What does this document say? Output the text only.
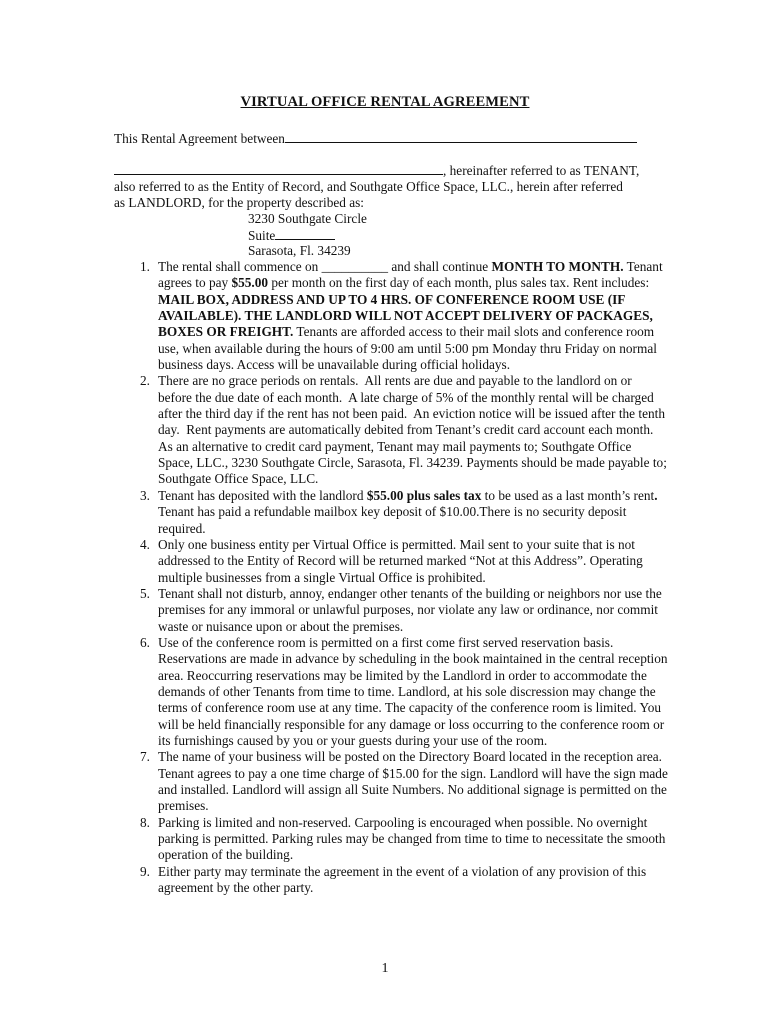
VIRTUAL OFFICE RENTAL AGREEMENT
This Rental Agreement between
, hereinafter referred to as TENANT,
also referred to as the Entity of Record, and Southgate Office Space, LLC., herein after referred
as LANDLORD, for the property described as:
3230 Southgate Circle
Suite
Sarasota, Fl. 34239
1. The rental shall commence on __________ and shall continue MONTH TO MONTH. Tenant agrees to pay $55.00 per month on the first day of each month, plus sales tax. Rent includes: MAIL BOX, ADDRESS AND UP TO 4 HRS. OF CONFERENCE ROOM USE (IF AVAILABLE). THE LANDLORD WILL NOT ACCEPT DELIVERY OF PACKAGES, BOXES OR FREIGHT. Tenants are afforded access to their mail slots and conference room use, when available during the hours of 9:00 am until 5:00 pm Monday thru Friday on normal business days. Access will be unavailable during official holidays.
2. There are no grace periods on rentals.  All rents are due and payable to the landlord on or before the due date of each month.  A late charge of 5% of the monthly rental will be charged after the third day if the rent has not been paid.  An eviction notice will be issued after the tenth day.  Rent payments are automatically debited from Tenant’s credit card account each month. As an alternative to credit card payment, Tenant may mail payments to; Southgate Office Space, LLC., 3230 Southgate Circle, Sarasota, Fl. 34239. Payments should be made payable to; Southgate Office Space, LLC.
3. Tenant has deposited with the landlord $55.00 plus sales tax to be used as a last month’s rent. Tenant has paid a refundable mailbox key deposit of $10.00.There is no security deposit required.
4. Only one business entity per Virtual Office is permitted. Mail sent to your suite that is not addressed to the Entity of Record will be returned marked “Not at this Address”. Operating multiple businesses from a single Virtual Office is prohibited.
5. Tenant shall not disturb, annoy, endanger other tenants of the building or neighbors nor use the premises for any immoral or unlawful purposes, nor violate any law or ordinance, nor commit waste or nuisance upon or about the premises.
6. Use of the conference room is permitted on a first come first served reservation basis. Reservations are made in advance by scheduling in the book maintained in the central reception area. Reoccurring reservations may be limited by the Landlord in order to accommodate the demands of other Tenants from time to time. Landlord, at his sole discression may change the terms of conference room use at any time. The capacity of the conference room is limited. You will be held financially responsible for any damage or loss occurring to the conference room or its furnishings caused by you or your guests during your use of the room.
7. The name of your business will be posted on the Directory Board located in the reception area. Tenant agrees to pay a one time charge of $15.00 for the sign. Landlord will have the sign made and installed. Landlord will assign all Suite Numbers. No additional signage is permitted on the premises.
8. Parking is limited and non-reserved. Carpooling is encouraged when possible. No overnight parking is permitted. Parking rules may be changed from time to time to necessitate the smooth operation of the building.
9. Either party may terminate the agreement in the event of a violation of any provision of this agreement by the other party.
1
